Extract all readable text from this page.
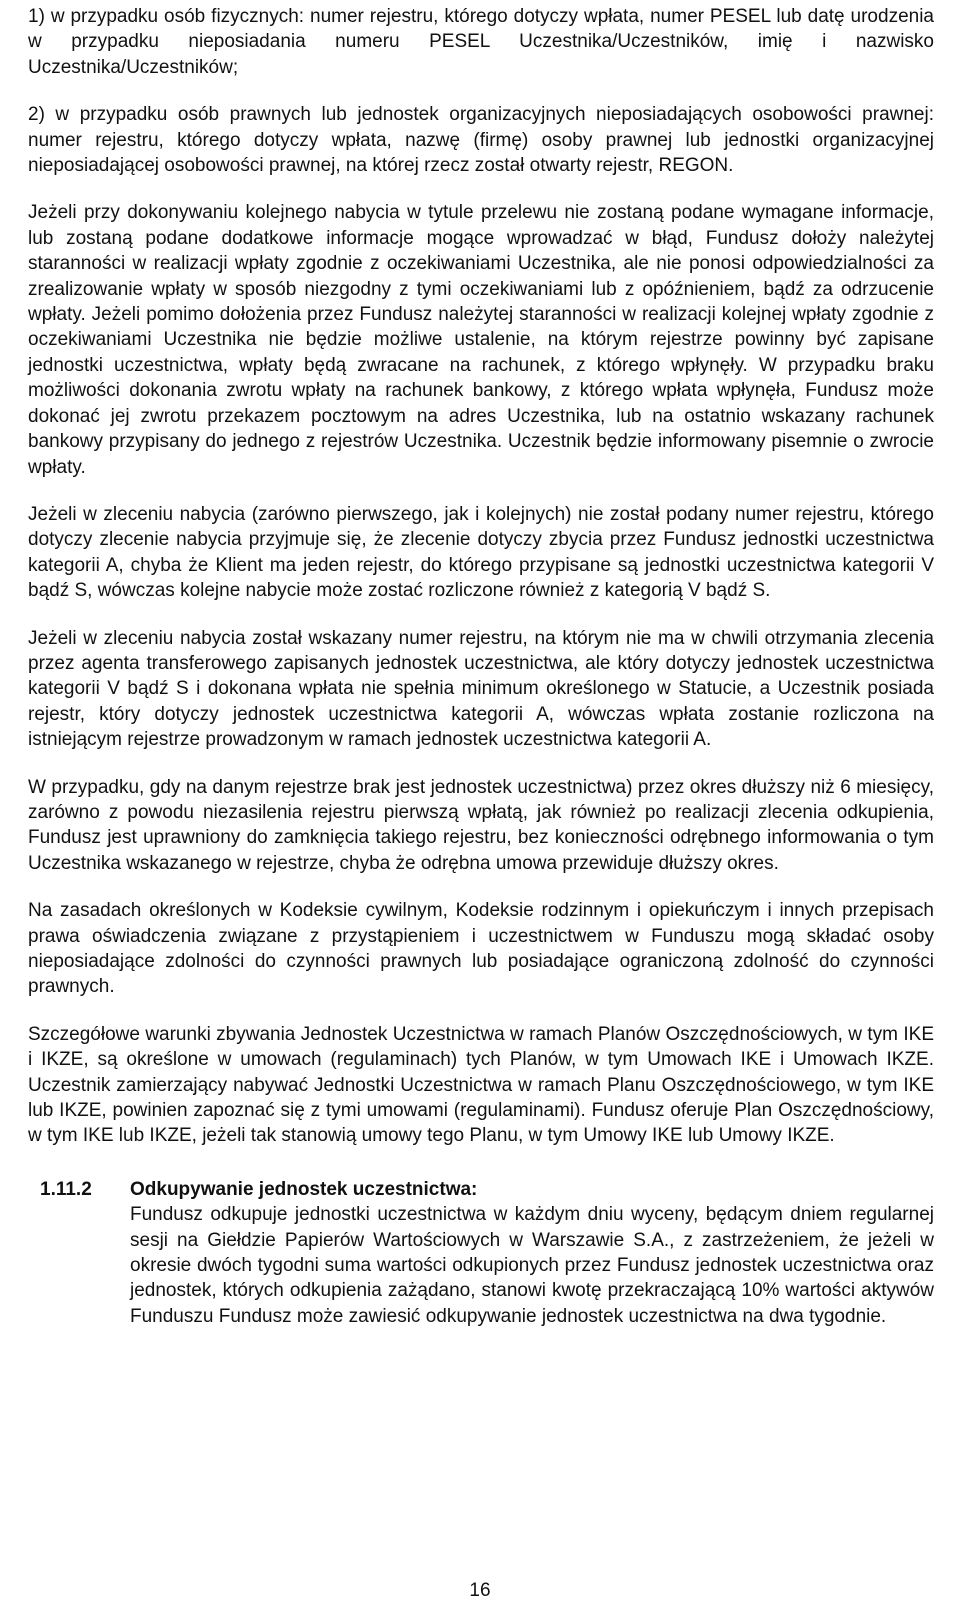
1) w przypadku osób fizycznych: numer rejestru, którego dotyczy wpłata, numer PESEL lub datę urodzenia w przypadku nieposiadania numeru PESEL Uczestnika/Uczestników, imię i nazwisko Uczestnika/Uczestników;

2) w przypadku osób prawnych lub jednostek organizacyjnych nieposiadających osobowości prawnej: numer rejestru, którego dotyczy wpłata, nazwę (firmę) osoby prawnej lub jednostki organizacyjnej nieposiadającej osobowości prawnej, na której rzecz został otwarty rejestr, REGON.

Jeżeli przy dokonywaniu kolejnego nabycia w tytule przelewu nie zostaną podane wymagane informacje, lub zostaną podane dodatkowe informacje mogące wprowadzać w błąd, Fundusz dołoży należytej staranności w realizacji wpłaty zgodnie z oczekiwaniami Uczestnika, ale nie ponosi odpowiedzialności za zrealizowanie wpłaty w sposób niezgodny z tymi oczekiwaniami lub z opóźnieniem, bądź za odrzucenie wpłaty. Jeżeli pomimo dołożenia przez Fundusz należytej staranności w realizacji kolejnej wpłaty zgodnie z oczekiwaniami Uczestnika nie będzie możliwe ustalenie, na którym rejestrze powinny być zapisane jednostki uczestnictwa, wpłaty będą zwracane na rachunek, z którego wpłynęły. W przypadku braku możliwości dokonania zwrotu wpłaty na rachunek bankowy, z którego wpłata wpłynęła, Fundusz może dokonać jej zwrotu przekazem pocztowym na adres Uczestnika, lub na ostatnio wskazany rachunek bankowy przypisany do jednego z rejestrów Uczestnika. Uczestnik będzie informowany pisemnie o zwrocie wpłaty.

Jeżeli w zleceniu nabycia (zarówno pierwszego, jak i kolejnych) nie został podany numer rejestru, którego dotyczy zlecenie nabycia przyjmuje się, że zlecenie dotyczy zbycia przez Fundusz jednostki uczestnictwa kategorii A, chyba że Klient ma jeden rejestr, do którego przypisane są jednostki uczestnictwa kategorii V bądź S, wówczas kolejne nabycie może zostać rozliczone również z kategorią V bądź S.

Jeżeli w zleceniu nabycia został wskazany numer rejestru, na którym nie ma w chwili otrzymania zlecenia przez agenta transferowego zapisanych jednostek uczestnictwa, ale który dotyczy jednostek uczestnictwa kategorii V bądź S i dokonana wpłata nie spełnia minimum określonego w Statucie, a Uczestnik posiada rejestr, który dotyczy jednostek uczestnictwa kategorii A, wówczas wpłata zostanie rozliczona na istniejącym rejestrze prowadzonym w ramach jednostek uczestnictwa kategorii A.

W przypadku, gdy na danym rejestrze brak jest jednostek uczestnictwa) przez okres dłuższy niż 6 miesięcy, zarówno z powodu niezasilenia rejestru pierwszą wpłatą, jak również po realizacji zlecenia odkupienia, Fundusz jest uprawniony do zamknięcia takiego rejestru, bez konieczności odrębnego informowania o tym Uczestnika wskazanego w rejestrze, chyba że odrębna umowa przewiduje dłuższy okres.

Na zasadach określonych w Kodeksie cywilnym, Kodeksie rodzinnym i opiekuńczym i innych przepisach prawa oświadczenia związane z przystąpieniem i uczestnictwem w Funduszu mogą składać osoby nieposiadające zdolności do czynności prawnych lub posiadające ograniczoną zdolność do czynności prawnych.

Szczegółowe warunki zbywania Jednostek Uczestnictwa w ramach Planów Oszczędnościowych, w tym IKE i IKZE, są określone w umowach (regulaminach) tych Planów, w tym Umowach IKE i Umowach IKZE. Uczestnik zamierzający nabywać Jednostki Uczestnictwa w ramach Planu Oszczędnościowego, w tym IKE lub IKZE, powinien zapoznać się z tymi umowami (regulaminami). Fundusz oferuje Plan Oszczędnościowy, w tym IKE lub IKZE, jeżeli tak stanowią umowy tego Planu, w tym Umowy IKE lub Umowy IKZE.

1.11.2	Odkupywanie jednostek uczestnictwa:

Fundusz odkupuje jednostki uczestnictwa w każdym dniu wyceny, będącym dniem regularnej sesji na Giełdzie Papierów Wartościowych w Warszawie S.A., z zastrzeżeniem, że jeżeli w okresie dwóch tygodni suma wartości odkupionych przez Fundusz jednostek uczestnictwa oraz jednostek, których odkupienia zażądano, stanowi kwotę przekraczającą 10% wartości aktywów Funduszu Fundusz może zawiesić odkupywanie jednostek uczestnictwa na dwa tygodnie.

16
